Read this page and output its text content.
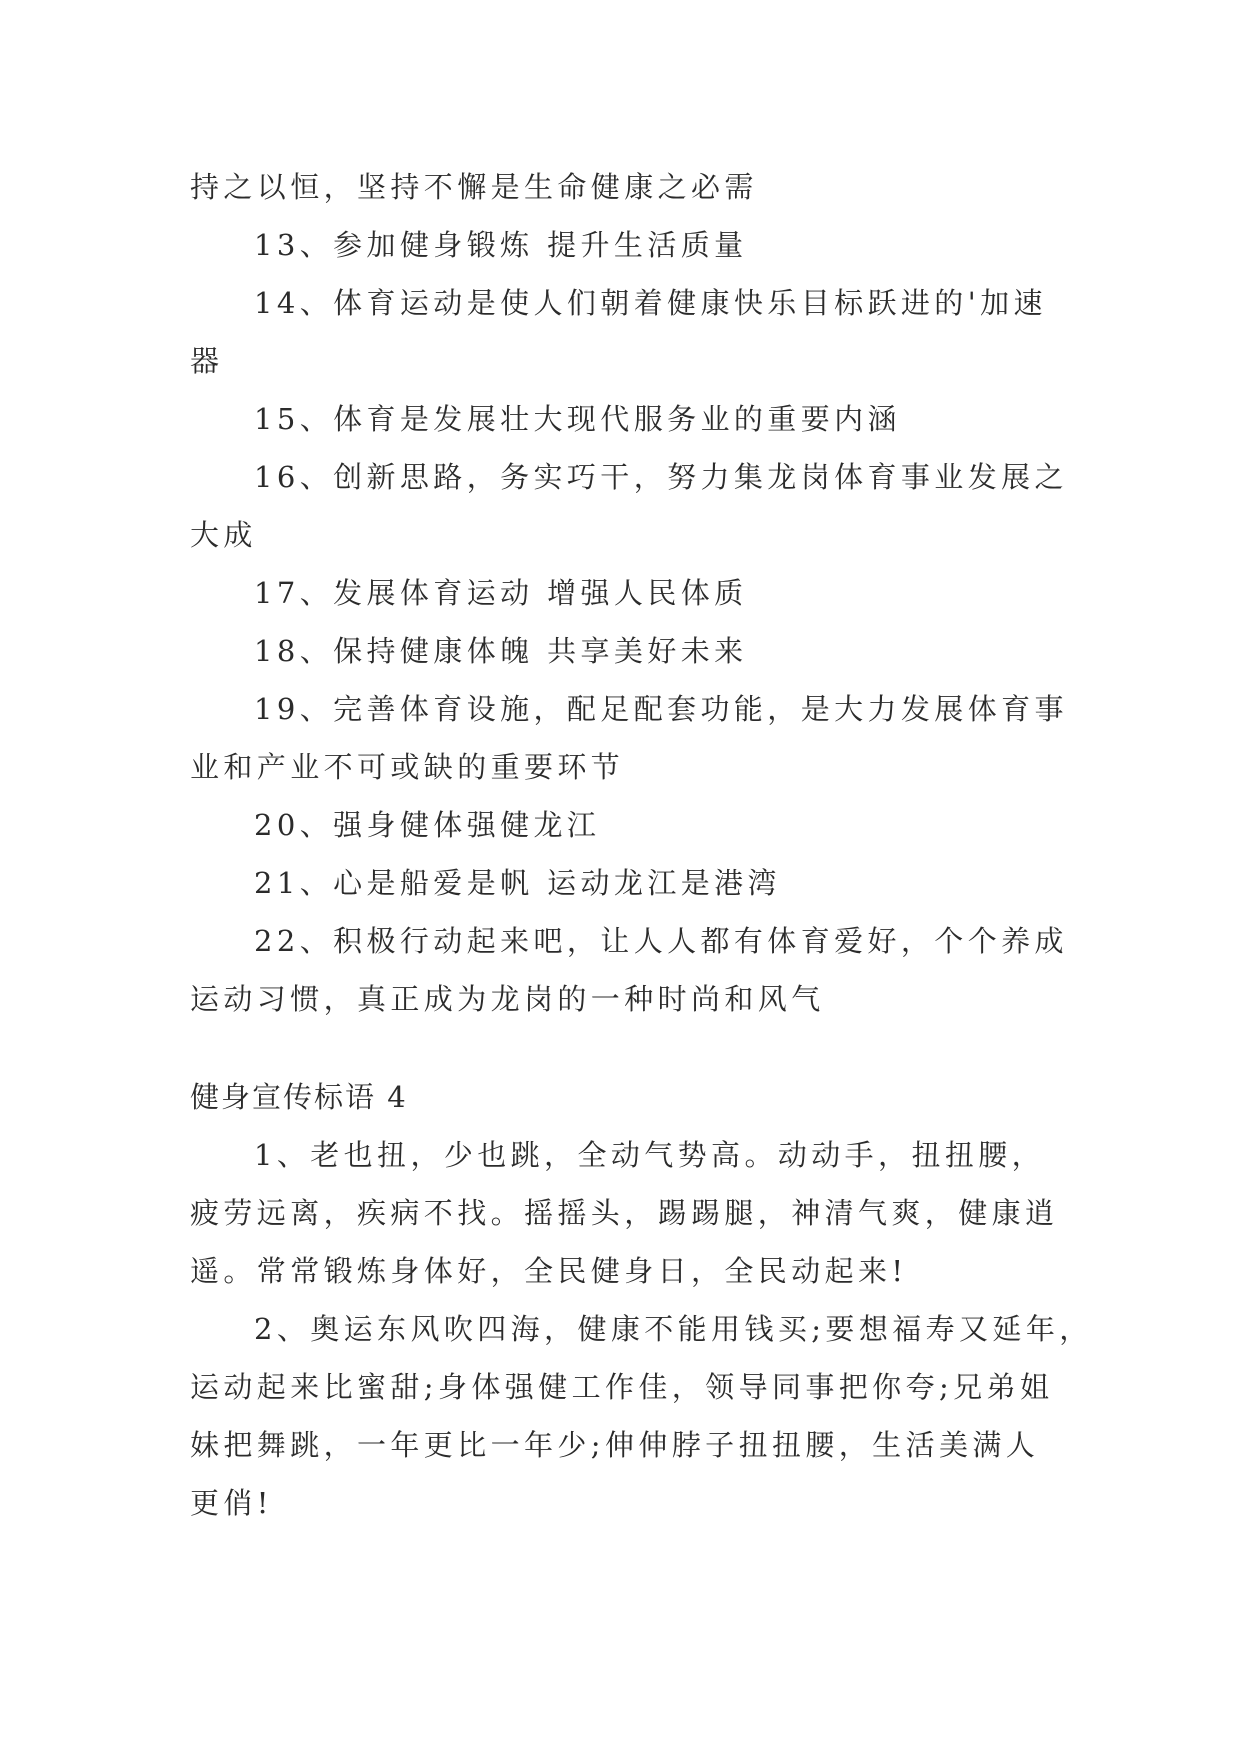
持之以恒，坚持不懈是生命健康之必需
13、参加健身锻炼 提升生活质量
14、体育运动是使人们朝着健康快乐目标跃进的'加速
器
15、体育是发展壮大现代服务业的重要内涵
16、创新思路，务实巧干，努力集龙岗体育事业发展之
大成
17、发展体育运动 增强人民体质
18、保持健康体魄 共享美好未来
19、完善体育设施，配足配套功能，是大力发展体育事
业和产业不可或缺的重要环节
20、强身健体强健龙江
21、心是船爱是帆 运动龙江是港湾
22、积极行动起来吧，让人人都有体育爱好，个个养成
运动习惯，真正成为龙岗的一种时尚和风气
健身宣传标语 4
1、老也扭，少也跳，全动气势高。动动手，扭扭腰，
疲劳远离，疾病不找。摇摇头，踢踢腿，神清气爽，健康逍
遥。常常锻炼身体好，全民健身日，全民动起来!
2、奥运东风吹四海，健康不能用钱买;要想福寿又延年，
运动起来比蜜甜;身体强健工作佳，领导同事把你夸;兄弟姐
妹把舞跳，一年更比一年少;伸伸脖子扭扭腰，生活美满人
更俏!
